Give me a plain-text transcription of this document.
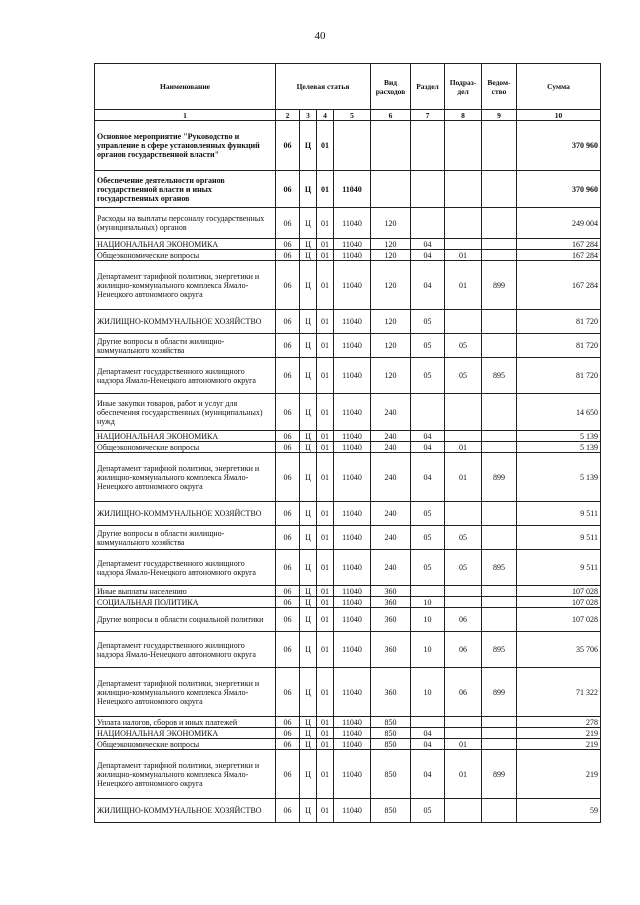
40
Наименование	Целевая статья				Вид расходов	Раздел	Подраз-дел	Ведом-ство	Сумма
1	2	3	4	5	6	7	8	9	10
Основное мероприятие "Руководство и управление в сфере установленных функций органов государственной власти"	06	Ц	01						370 960
Обеспечение деятельности органов государственной власти и иных государственных органов	06	Ц	01	11040					370 960
Расходы на выплаты персоналу государственных (муниципальных) органов	06	Ц	01	11040	120				249 004
НАЦИОНАЛЬНАЯ ЭКОНОМИКА	06	Ц	01	11040	120	04			167 284
Общеэкономические вопросы	06	Ц	01	11040	120	04	01		167 284
Департамент тарифной политики, энергетики и жилищно-коммунального комплекса Ямало-Ненецкого автономного округа	06	Ц	01	11040	120	04	01	899	167 284
ЖИЛИЩНО-КОММУНАЛЬНОЕ ХОЗЯЙСТВО	06	Ц	01	11040	120	05			81 720
Другие вопросы в области жилищно-коммунального хозяйства	06	Ц	01	11040	120	05	05		81 720
Департамент государственного жилищного надзора Ямало-Ненецкого автономного округа	06	Ц	01	11040	120	05	05	895	81 720
Иные закупки товаров, работ и услуг для обеспечения государственных (муниципальных) нужд	06	Ц	01	11040	240				14 650
НАЦИОНАЛЬНАЯ ЭКОНОМИКА	06	Ц	01	11040	240	04			5 139
Общеэкономические вопросы	06	Ц	01	11040	240	04	01		5 139
Департамент тарифной политики, энергетики и жилищно-коммунального комплекса Ямало-Ненецкого автономного округа	06	Ц	01	11040	240	04	01	899	5 139
ЖИЛИЩНО-КОММУНАЛЬНОЕ ХОЗЯЙСТВО	06	Ц	01	11040	240	05			9 511
Другие вопросы в области жилищно-коммунального хозяйства	06	Ц	01	11040	240	05	05		9 511
Департамент государственного жилищного надзора Ямало-Ненецкого автономного округа	06	Ц	01	11040	240	05	05	895	9 511
Иные выплаты населению	06	Ц	01	11040	360				107 028
СОЦИАЛЬНАЯ ПОЛИТИКА	06	Ц	01	11040	360	10			107 028
Другие вопросы в области социальной политики	06	Ц	01	11040	360	10	06		107 028
Департамент государственного жилищного надзора Ямало-Ненецкого автономного округа	06	Ц	01	11040	360	10	06	895	35 706
Департамент тарифной политики, энергетики и жилищно-коммунального комплекса Ямало-Ненецкого автономного округа	06	Ц	01	11040	360	10	06	899	71 322
Уплата налогов, сборов и иных платежей	06	Ц	01	11040	850				278
НАЦИОНАЛЬНАЯ ЭКОНОМИКА	06	Ц	01	11040	850	04			219
Общеэкономические вопросы	06	Ц	01	11040	850	04	01		219
Департамент тарифной политики, энергетики и жилищно-коммунального комплекса Ямало-Ненецкого автономного округа	06	Ц	01	11040	850	04	01	899	219
ЖИЛИЩНО-КОММУНАЛЬНОЕ ХОЗЯЙСТВО	06	Ц	01	11040	850	05			59
